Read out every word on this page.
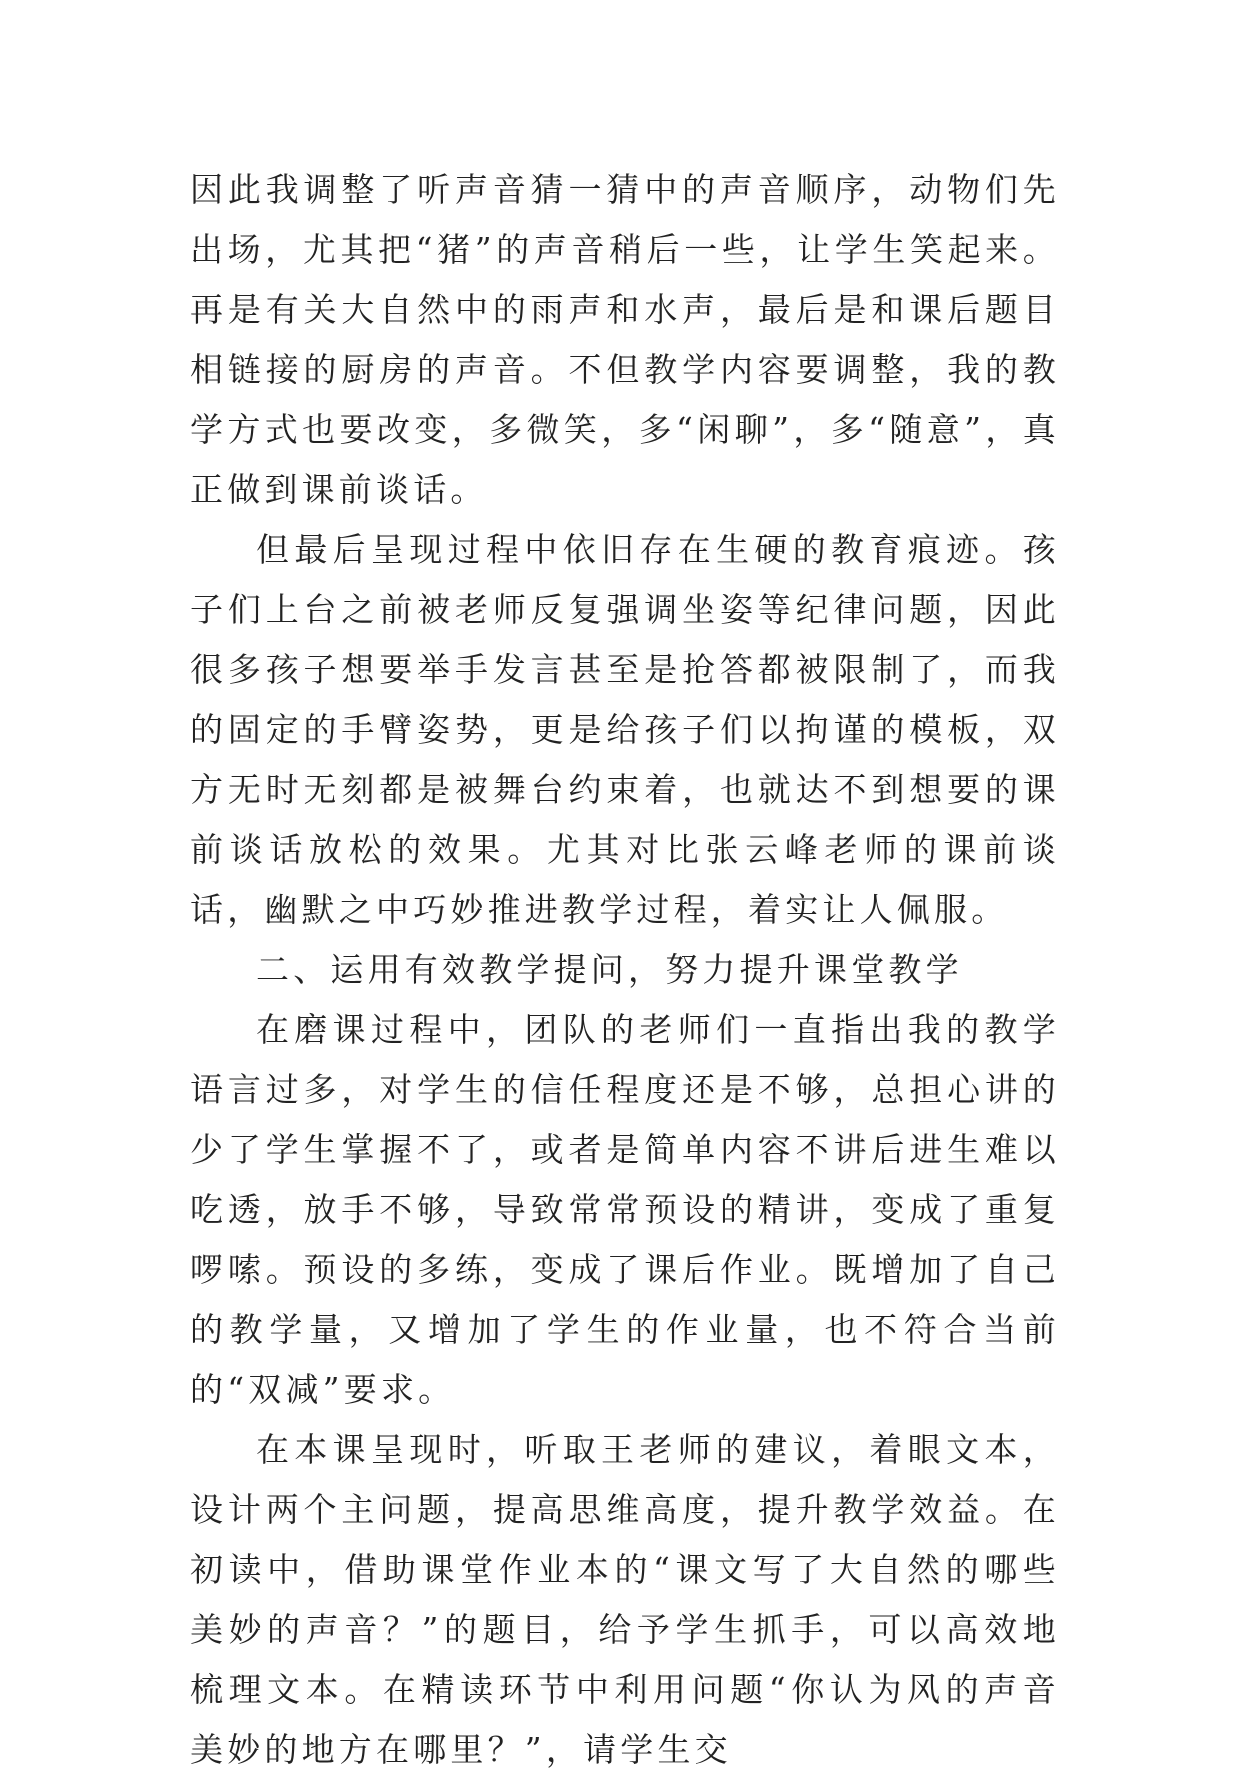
因此我调整了听声音猜一猜中的声音顺序，动物们先出场，尤其把“猪”的声音稍后一些，让学生笑起来。再是有关大自然中的雨声和水声，最后是和课后题目相链接的厨房的声音。不但教学内容要调整，我的教学方式也要改变，多微笑，多“闲聊”，多“随意”，真正做到课前谈话。

但最后呈现过程中依旧存在生硬的教育痕迹。孩子们上台之前被老师反复强调坐姿等纪律问题，因此很多孩子想要举手发言甚至是抢答都被限制了，而我的固定的手臂姿势，更是给孩子们以拘谨的模板，双方无时无刻都是被舞台约束着，也就达不到想要的课前谈话放松的效果。尤其对比张云峰老师的课前谈话，幽默之中巧妙推进教学过程，着实让人佩服。

二、运用有效教学提问，努力提升课堂教学

在磨课过程中，团队的老师们一直指出我的教学语言过多，对学生的信任程度还是不够，总担心讲的少了学生掌握不了，或者是简单内容不讲后进生难以吃透，放手不够，导致常常预设的精讲，变成了重复啰嗦。预设的多练，变成了课后作业。既增加了自己的教学量，又增加了学生的作业量，也不符合当前的“双减”要求。

在本课呈现时，听取王老师的建议，着眼文本，设计两个主问题，提高思维高度，提升教学效益。在初读中，借助课堂作业本的“课文写了大自然的哪些美妙的声音？”的题目，给予学生抓手，可以高效地梳理文本。在精读环节中利用问题“你认为风的声音美妙的地方在哪里？”，请学生交
